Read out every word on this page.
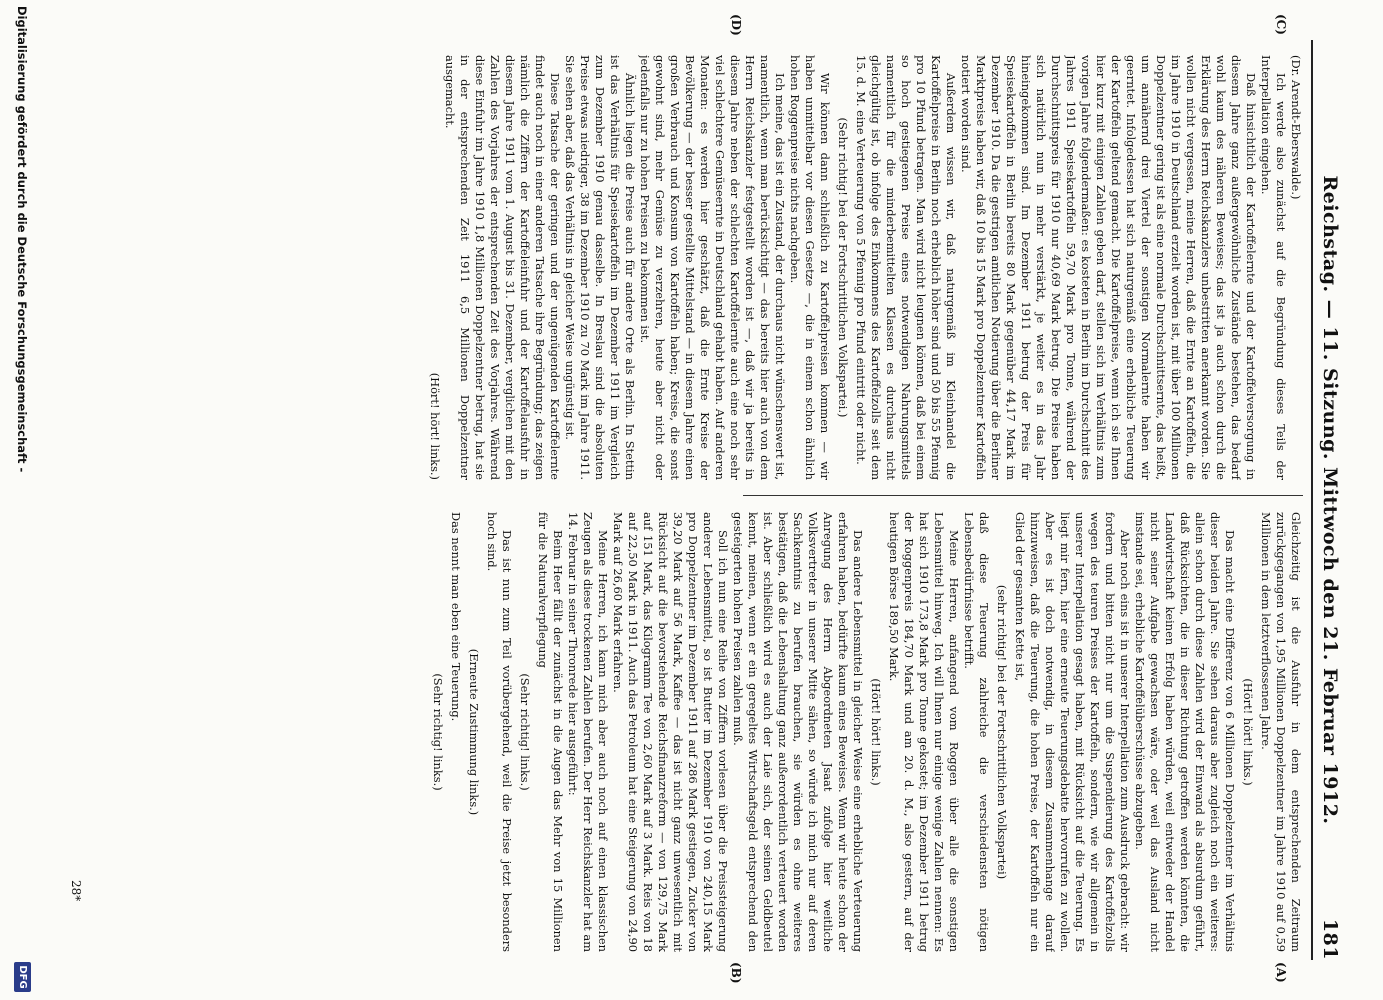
181
Reichstag. — 11. Sitzung. Mittwoch den 21. Februar 1912.
(C)
(D)
(A)
(B)

Gleichzeitig ist die Ausfuhr in dem entsprechenden Zeitraum zurückgegangen von 1,95 Millionen Doppelzentner im Jahre 1910 auf 0,59 Millionen in dem letztverflossenen Jahre.

(Hört! hört! links.)

Das macht eine Differenz von 6 Millionen Doppelzentner im Verhältnis dieser beiden Jahre. Sie sehen daraus aber zugleich noch ein weiteres: allein schon durch diese Zahlen wird der Einwand als absurdum geführt, daß Rücksichten, die in dieser Richtung getroffen werden könnten, die Landwirtschaft keinen Erfolg haben würden, weil entweder der Handel nicht seiner Aufgabe gewachsen wäre, oder weil das Ausland nicht imstande sei, erhebliche Kartoffelüberschüsse abzugeben.

Aber noch eins ist in unserer Interpellation zum Ausdruck gebracht: wir fordern und bitten nicht nur um die Suspendierung des Kartoffelzolls wegen des teuren Preises der Kartoffeln, sondern, wie wir allgemein in unserer Interpellation gesagt haben, mit Rücksicht auf die Teuerung. Es liegt mir fern, hier eine erneute Teuerungsdebatte hervorrufen zu wollen. Aber es ist doch notwendig, in diesem Zusammenhange darauf hinzuweisen, daß die Teuerung, die hohen Preise, der Kartoffeln nur ein Glied der gesamten Kette ist,

(sehr richtig! bei der Fortschrittlichen Volkspartei)

daß diese Teuerung zahlreiche die verschiedensten nötigen Lebensbedürfnisse betrifft.

Meine Herren, anfangend vom Roggen über alle die sonstigen Lebensmittel hinweg. Ich will Ihnen nur einige wenige Zahlen nennen: Es hat sich 1910 173,8 Mark pro Tonne gekostet; im Dezember 1911 betrug der Roggenpreis 184,70 Mark und am 20. d. M., also gestern, auf der heutigen Börse 189,50 Mark.

(Hört! hört! links.)

Das andere Lebensmittel in gleicher Weise eine erhebliche Verteuerung erfahren haben, bedürfte kaum eines Beweises. Wenn wir heute schon der Anregung des Herrn Abgeordneten Jsaat zufolge hier weitliche Volksvertreter in unserer Mitte sähen, so würde ich mich nur auf deren Sachkenntnis zu berufen brauchen, sie würden es ohne weiteres bestätigen, daß die Lebenshaltung ganz außerordentlich verteuert worden ist. Aber schließlich wird es auch der Laie sich, der seinen Geldbeutel kennt, meinen, wenn er ein geregeltes Wirtschaftsgeld entsprechend den gesteigerten hohen Preisen zahlen muß.

Soll ich nun eine Reihe von Ziffern vorlesen über die Preissteigerung anderer Lebensmittel, so ist Butter im Dezember 1910 von 240,15 Mark pro Doppelzentner im Dezember 1911 auf 286 Mark gestiegen, Zucker von 39,20 Mark auf 56 Mark, Kaffee — das ist nicht ganz unwesentlich mit Rücksicht auf die bevorstehende Reichsfinanzreform — von 129,75 Mark auf 151 Mark, das Kilogramm Tee von 2,60 Mark auf 3 Mark. Reis von 18 auf 22,50 Mark in 1911. Auch das Petroleum hat eine Steigerung von 24,90 Mark auf 26,60 Mark erfahren.

Meine Herren, ich kann mich aber auch noch auf einen klassischen Zeugen als diese trockenen Zahlen berufen. Der Herr Reichskanzler hat am 14. Februar in seiner Thronrede hier ausgeführt:

Beim Heer fällt der zunächst in die Augen das Mehr von 15 Millionen für die Naturalverpflegung

(Sehr richtig! links.)

Das ist nun zum Teil vorübergehend, weil die Preise jetzt besonders hoch sind.

(Erneute Zustimmung links.)

Das nennt man eben eine Teuerung.

(Sehr richtig! links.)

(Dr. Arendt-Eberswalde.)

Ich werde also zunächst auf die Begründung dieses Teils der Interpellation eingehen.

Daß hinsichtlich der Kartoffelernte und der Kartoffelversorgung in diesem Jahre ganz außergewöhnliche Zustände bestehen, das bedarf wohl kaum des näheren Beweises; das ist ja auch schon durch die Erklärung des Herrn Reichskanzlers unbestritten anerkannt worden. Sie wollen nicht vergessen, meine Herren, daß die Ernte an Kartoffeln, die im Jahre 1910 in Deutschland erzielt worden ist, mit über 100 Millionen Doppelzentner gering ist als eine normale Durchschnittsernte, das heißt, um annähernd drei Viertel der sonstigen Normalernte haben wir geerntet. Infolgedessen hat sich naturgemäß eine erhebliche Teuerung der Kartoffeln geltend gemacht. Die Kartoffelpreise, wenn ich sie Ihnen hier kurz mit einigen Zahlen geben darf, stellen sich im Verhältnis zum vorigen Jahre folgendermaßen: es kosteten in Berlin im Durchschnitt des Jahres 1911 Speisekartoffeln 59,70 Mark pro Tonne, während der Durchschnittspreis für 1910 nur 40,69 Mark betrug. Die Preise haben sich natürlich nun in mehr verstärkt, je weiter es in das Jahr hineingekommen sind. Im Dezember 1911 betrug der Preis für Speisekartoffeln in Berlin bereits 80 Mark gegenüber 44,17 Mark im Dezember 1910. Da die gestrigen amtlichen Notierung über die Berliner Marktpreise haben wir, daß 10 bis 15 Mark pro Doppelzentner Kartoffeln notiert worden sind.

Außerdem wissen wir, daß naturgemäß im Kleinhandel die Kartoffelpreise in Berlin noch erheblich höher sind und 50 bis 55 Pfennig pro 10 Pfund betragen. Man wird nicht leugnen können, daß bei einem so hoch gestiegenen Preise eines notwendigen Nahrungsmittels namentlich für die minderbemittelten Klassen es durchaus nicht gleichgültig ist, ob infolge des Einkommens des Kartoffelzolls seit dem 15. d. M. eine Verteuerung von 5 Pfennig pro Pfund eintritt oder nicht.

(Sehr richtig! bei der Fortschrittlichen Volkspartei.)

Wir können dann schließlich zu Kartoffelpreisen kommen — wir haben unmittelbar vor diesen Gesetze —, die in einem schon ähnlich hohen Roggenpreise nichts nachgeben.

Ich meine, das ist ein Zustand, der durchaus nicht wünschenswert ist, namentlich, wenn man berücksichtigt — das bereits hier auch von dem Herrn Reichskanzler festgestellt worden ist —, daß wir ja bereits in diesem Jahre neben der schlechten Kartoffelernte auch eine noch sehr viel schlechtere Gemüseernte in Deutschland gehabt haben. Auf anderen Monaten: es werden hier geschätzt, daß die Ernte Kreise der Bevölkerung — der besser gestellte Mittelstand — in diesem Jahre einen großen Verbrauch und Konsum von Kartoffeln haben; Kreise, die sonst gewohnt sind, mehr Gemüse zu verzehren, heute aber nicht oder jedenfalls nur zu hohen Preisen zu bekommen ist.

Ähnlich liegen die Preise auch für andere Orte als Berlin. In Stettin ist das Verhältnis für Speisekartoffeln im Dezember 1911 im Vergleich zum Dezember 1910 genau dasselbe. In Breslau sind die absoluten Preise etwas niedriger, 38 im Dezember 1910 zu 70 Mark im Jahre 1911. Sie sehen aber, daß das Verhältnis in gleicher Weise ungünstig ist.

Diese Tatsache der geringen und der ungenügenden Kartoffelernte findet auch noch in einer anderen Tatsache ihre Begründung; das zeigen nämlich die Ziffern der Kartoffeleinfuhr und der Kartoffelausfuhr in diesem Jahre 1911 vom 1. August bis 31. Dezember, verglichen mit den Zahlen des Vorjahres der entsprechenden Zeit des Vorjahres. Während diese Einfuhr im Jahre 1910 1,8 Millionen Doppelzentner betrug, hat sie in der entsprechenden Zeit 1911 6,5 Millionen Doppelzentner ausgemacht.

(Hört! hört! links.)

28*
Digitalisierung gefördert durch die Deutsche Forschungsgemeinschaft -
DFG
